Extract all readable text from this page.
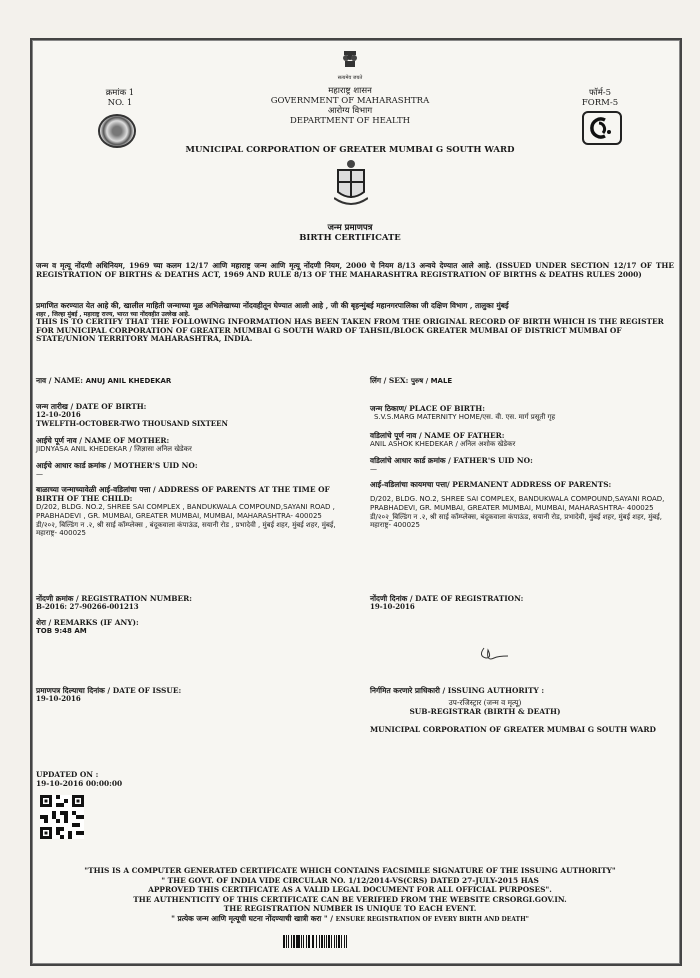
सत्यमेव जयते
क्रमांक 1
NO. 1
महाराष्ट्र शासन
GOVERNMENT OF MAHARASHTRA
आरोग्य विभाग
DEPARTMENT OF HEALTH
फॉर्म-5
FORM-5
MUNICIPAL CORPORATION OF GREATER MUMBAI G SOUTH WARD
जन्म प्रमाणपत्र
BIRTH CERTIFICATE
जन्म व मृत्यू नोंदणी अधिनियम, 1969 च्या कलम 12/17 आणि महाराष्ट्र जन्म आणि मृत्यू नोंदणी नियम, 2000 चे नियम 8/13 अन्वये देण्यात आले आहे. (ISSUED UNDER SECTION 12/17 OF THE REGISTRATION OF BIRTHS & DEATHS ACT, 1969 AND RULE 8/13 OF THE MAHARASHTRA REGISTRATION OF BIRTHS & DEATHS RULES 2000)
प्रमाणित करण्यात येत आहे की, खालील माहिती जन्माच्या मूळ अभिलेखाच्या नोंदवहीतून घेण्यात आली आहे , जी की बृहन्मुंबई महानगरपालिका जी दक्षिण विभाग , तालुका मुंबई
शहर , जिल्हा मुंबई , महाराष्ट्र राज्य, भारत च्या नोंदवहीत उल्लेख आहे.
THIS IS TO CERTIFY THAT THE FOLLOWING INFORMATION HAS BEEN TAKEN FROM THE ORIGINAL RECORD OF BIRTH WHICH IS THE REGISTER FOR MUNICIPAL CORPORATION OF GREATER MUMBAI G SOUTH WARD OF TAHSIL/BLOCK GREATER MUMBAI OF DISTRICT MUMBAI OF STATE/UNION TERRITORY MAHARASHTRA, INDIA.
नाव / NAME: ANUJ ANIL KHEDEKAR
जन्म तारीख / DATE OF BIRTH:
12-10-2016
TWELFTH-OCTOBER-TWO THOUSAND SIXTEEN
आईचे पूर्ण नाव / NAME OF MOTHER:
JIDNYASA ANIL KHEDEKAR / जिज्ञासा अनिल खेडेकर
आईचे आधार कार्ड क्रमांक / MOTHER'S UID NO:
—
बाळाच्या जन्माच्यावेळी आई-वडिलांचा पत्ता / ADDRESS OF PARENTS AT THE TIME OF BIRTH OF THE CHILD:
D/202, BLDG. NO.2, SHREE SAI COMPLEX , BANDUKWALA COMPOUND,SAYANI ROAD , PRABHADEVI , GR. MUMBAI, GREATER MUMBAI, MUMBAI, MAHARASHTRA- 400025
डी/२०२, बिल्डिंग न .२, श्री साई कॉम्प्लेक्स , बंदूकवाला कंपाऊंड, सयानी रोड , प्रभादेवी , मुंबई शहर, मुंबई शहर, मुंबई, महाराष्ट्र- 400025
नोंदणी क्रमांक / REGISTRATION NUMBER:
B-2016: 27-90266-001213
शेरा / REMARKS (IF ANY):
TOB 9:48 AM
प्रमाणपत्र दिल्याचा दिनांक / DATE OF ISSUE:
19-10-2016
लिंग / SEX: पुरुष / MALE
जन्म ठिकाण/ PLACE OF BIRTH:
S.V.S.MARG MATERNITY HOME/एस. वी. एस. मार्ग प्रसूती गृह
वडिलांचे पूर्ण नाव / NAME OF FATHER:
ANIL ASHOK KHEDEKAR / अनिल अशोक खेडेकर
वडिलांचे आधार कार्ड क्रमांक / FATHER'S UID NO:
—
आई-वडिलांचा कायमचा पत्ता/ PERMANENT ADDRESS OF PARENTS:
D/202, BLDG. NO.2, SHREE SAI COMPLEX, BANDUKWALA COMPOUND,SAYANI ROAD, PRABHADEVI, GR. MUMBAI, GREATER MUMBAI, MUMBAI, MAHARASHTRA- 400025
डी/२०२_बिल्डिंग न .२, श्री साई कॉम्प्लेक्स, बंदूकवाला कंपाऊंड, सयानी रोड, प्रभादेवी, मुंबई शहर, मुंबई शहर, मुंबई, महाराष्ट्र- 400025
नोंदणी दिनांक / DATE OF REGISTRATION:
19-10-2016
निर्गमित करणारे प्राधिकारी / ISSUING AUTHORITY :
उप-रजिस्ट्रार (जन्म व मृत्यू)
SUB-REGISTRAR (BIRTH & DEATH)
MUNICIPAL CORPORATION OF GREATER MUMBAI G SOUTH WARD
UPDATED ON :
19-10-2016 00:00:00
"THIS IS A COMPUTER GENERATED CERTIFICATE WHICH CONTAINS FACSIMILE SIGNATURE OF THE ISSUING AUTHORITY"
" THE GOVT. OF INDIA VIDE CIRCULAR NO. 1/12/2014-VS(CRS) DATED 27-JULY-2015 HAS
APPROVED THIS CERTIFICATE AS A VALID LEGAL DOCUMENT FOR ALL OFFICIAL PURPOSES".
THE AUTHENTICITY OF THIS CERTIFICATE CAN BE VERIFIED FROM THE WEBSITE CRSORGI.GOV.IN.
THE REGISTRATION NUMBER IS UNIQUE TO EACH EVENT.
" प्रत्येक जन्म आणि मृत्यूची घटना नोंदण्याची खात्री करा " / ENSURE REGISTRATION OF EVERY BIRTH AND DEATH"
